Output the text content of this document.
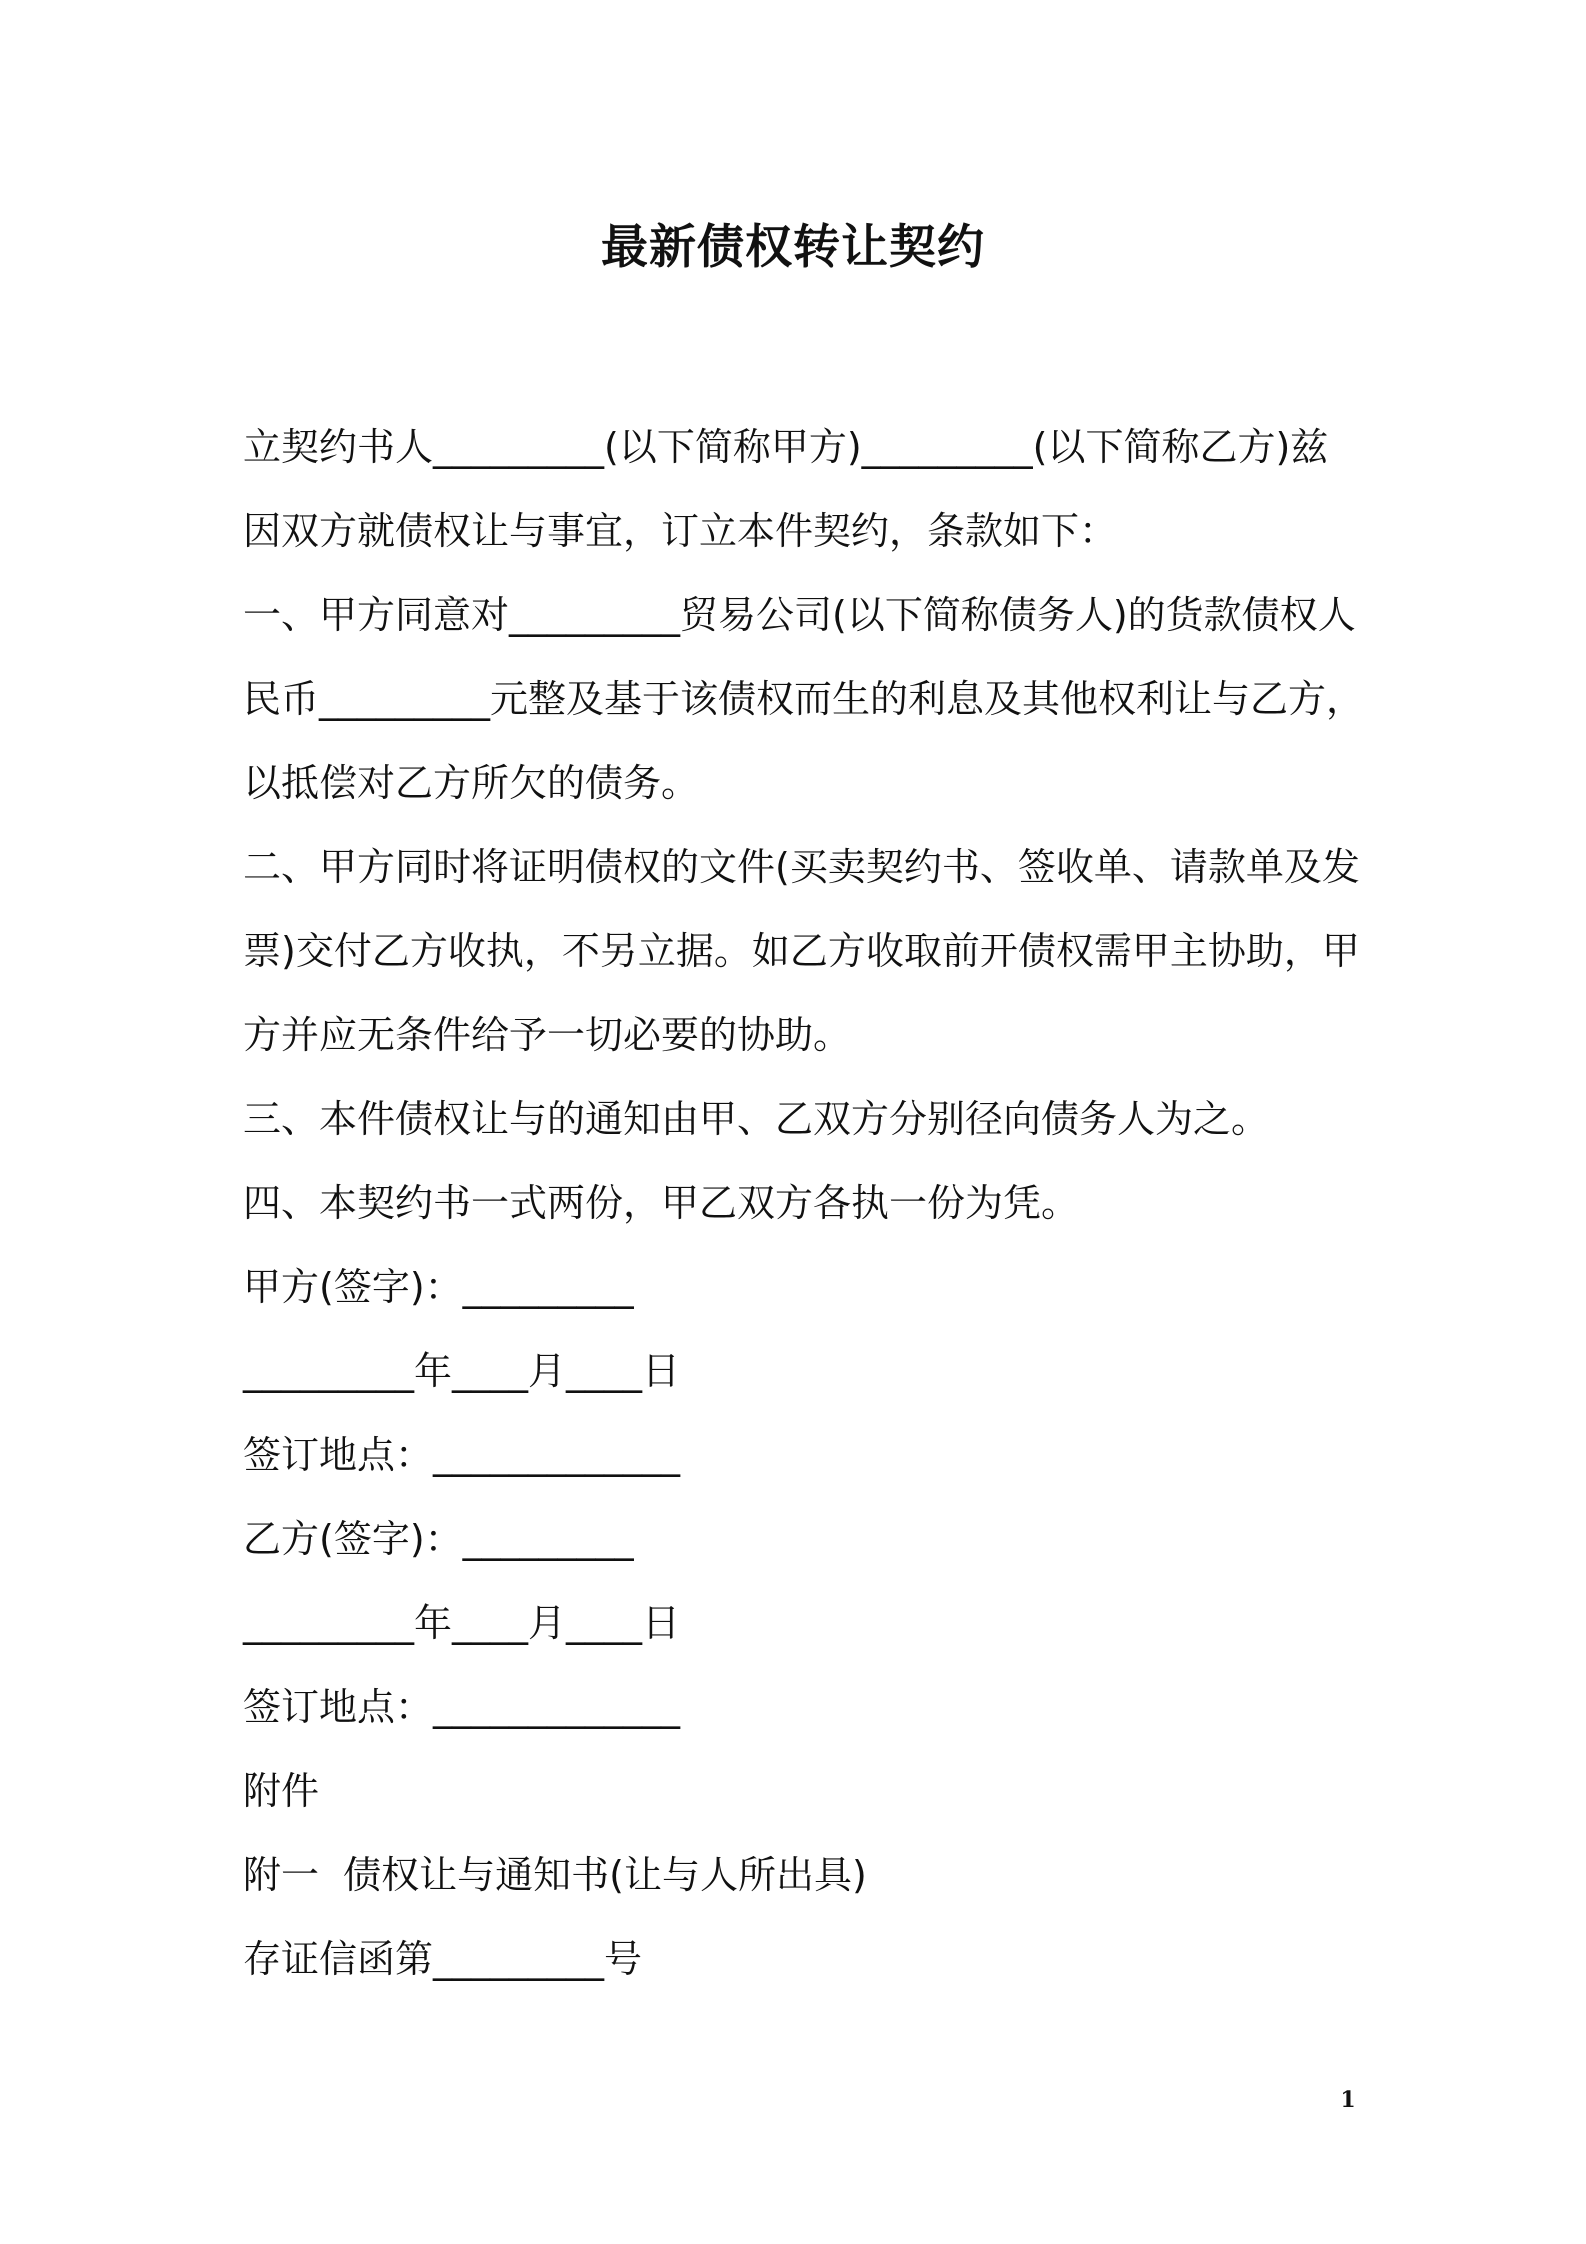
最新债权转让契约
立契约书人_________(以下简称甲方)_________(以下简称乙方)兹
因双方就债权让与事宜，订立本件契约，条款如下：
一、甲方同意对_________贸易公司(以下简称债务人)的货款债权人
民币_________元整及基于该债权而生的利息及其他权利让与乙方，
以抵偿对乙方所欠的债务。
二、甲方同时将证明债权的文件(买卖契约书、签收单、请款单及发
票)交付乙方收执，不另立据。如乙方收取前开债权需甲主协助，甲
方并应无条件给予一切必要的协助。
三、本件债权让与的通知由甲、乙双方分别径向债务人为之。
四、本契约书一式两份，甲乙双方各执一份为凭。
甲方(签字)：_________
_________年____月____日
签订地点：_____________
乙方(签字)：_________
_________年____月____日
签订地点：_____________
附件
附一  债权让与通知书(让与人所出具)
存证信函第_________号
1
